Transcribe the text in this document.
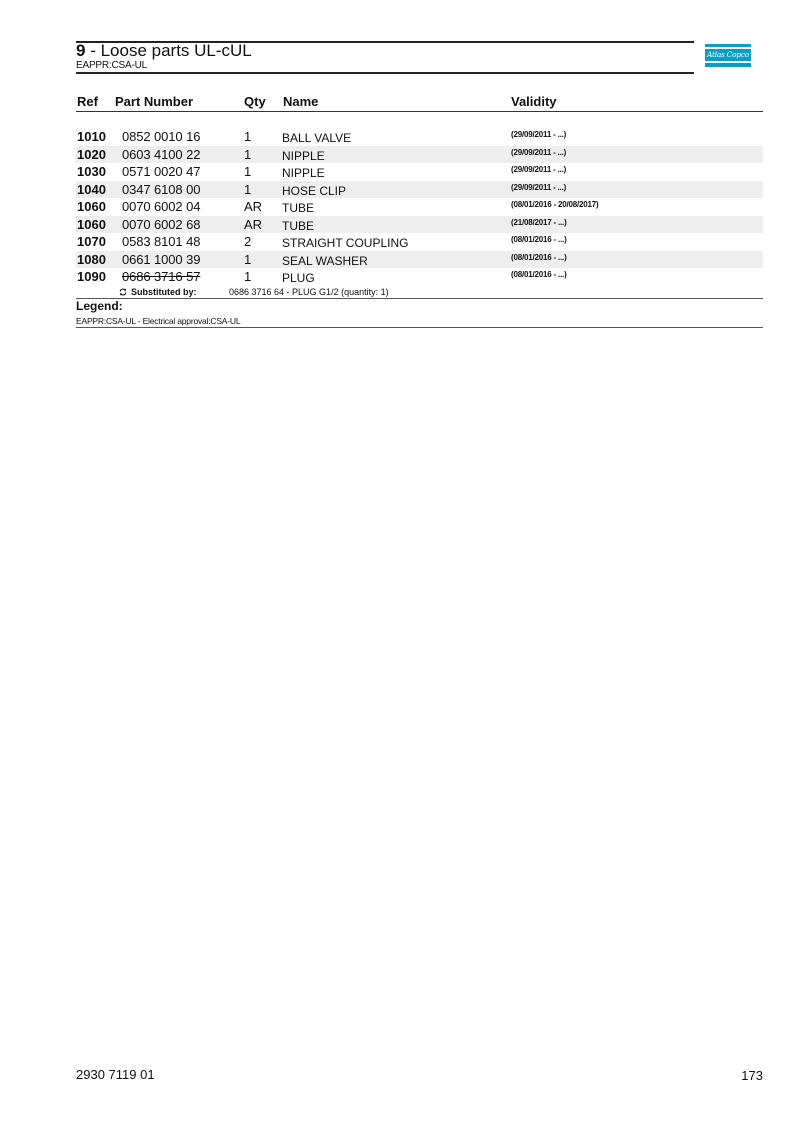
9 - Loose parts UL-cUL
EAPPR:CSA-UL
Atlas Copco
Ref Part Number	Qty Name	Validity
1010 0852 0010 16	1	BALL VALVE	(29/09/2011 - ...)
1020 0603 4100 22	1	NIPPLE	(29/09/2011 - ...)
1030 0571 0020 47	1	NIPPLE	(29/09/2011 - ...)
1040 0347 6108 00	1	HOSE CLIP	(29/09/2011 - ...)
1060 0070 6002 04	AR TUBE	(08/01/2016 - 20/08/2017)
1060 0070 6002 68	AR TUBE	(21/08/2017 - ...)
1070 0583 8101 48	2	STRAIGHT COUPLING	(08/01/2016 - ...)
1080 0661 1000 39	1	SEAL WASHER	(08/01/2016 - ...)
1090 0686 3716 57	1	PLUG	(08/01/2016 - ...)
Substituted by:	0686 3716 64 - PLUG G1/2 (quantity: 1)
Legend:
EAPPR:CSA-UL - Electrical approval:CSA-UL
2930 7119 01	173
